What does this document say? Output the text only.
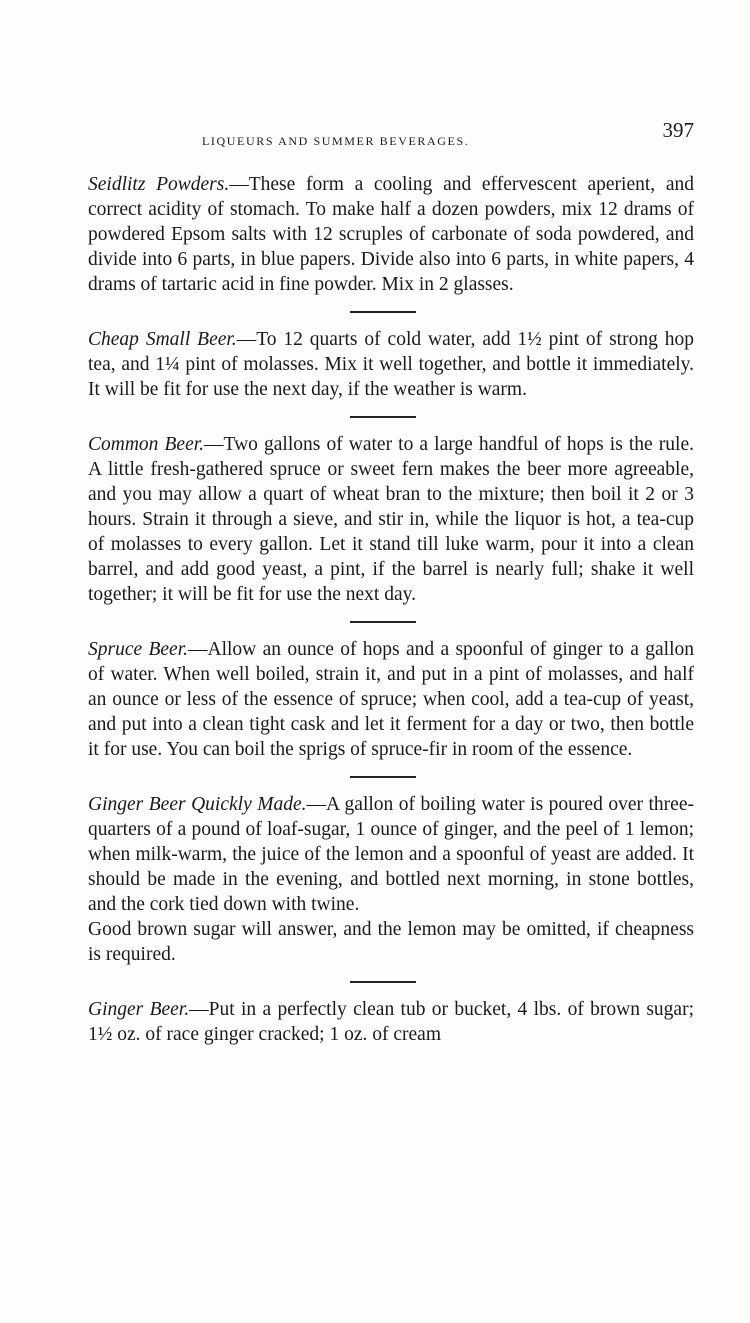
LIQUEURS AND SUMMER BEVERAGES.	397

Seidlitz Powders.—These form a cooling and effervescent aperient, and correct acidity of stomach. To make half a dozen powders, mix 12 drams of powdered Epsom salts with 12 scruples of carbonate of soda powdered, and divide into 6 parts, in blue papers. Divide also into 6 parts, in white papers, 4 drams of tartaric acid in fine powder. Mix in 2 glasses.

Cheap Small Beer.—To 12 quarts of cold water, add 1½ pint of strong hop tea, and 1¼ pint of molasses. Mix it well together, and bottle it immediately. It will be fit for use the next day, if the weather is warm.

Common Beer.—Two gallons of water to a large handful of hops is the rule. A little fresh-gathered spruce or sweet fern makes the beer more agreeable, and you may allow a quart of wheat bran to the mixture; then boil it 2 or 3 hours. Strain it through a sieve, and stir in, while the liquor is hot, a tea-cup of molasses to every gallon. Let it stand till luke warm, pour it into a clean barrel, and add good yeast, a pint, if the barrel is nearly full; shake it well together; it will be fit for use the next day.

Spruce Beer.—Allow an ounce of hops and a spoonful of ginger to a gallon of water. When well boiled, strain it, and put in a pint of molasses, and half an ounce or less of the essence of spruce; when cool, add a tea-cup of yeast, and put into a clean tight cask and let it ferment for a day or two, then bottle it for use. You can boil the sprigs of spruce-fir in room of the essence.

Ginger Beer Quickly Made.—A gallon of boiling water is poured over three-quarters of a pound of loaf-sugar, 1 ounce of ginger, and the peel of 1 lemon; when milk-warm, the juice of the lemon and a spoonful of yeast are added. It should be made in the evening, and bottled next morning, in stone bottles, and the cork tied down with twine.

Good brown sugar will answer, and the lemon may be omitted, if cheapness is required.

Ginger Beer.—Put in a perfectly clean tub or bucket, 4 lbs. of brown sugar; 1½ oz. of race ginger cracked; 1 oz. of cream
